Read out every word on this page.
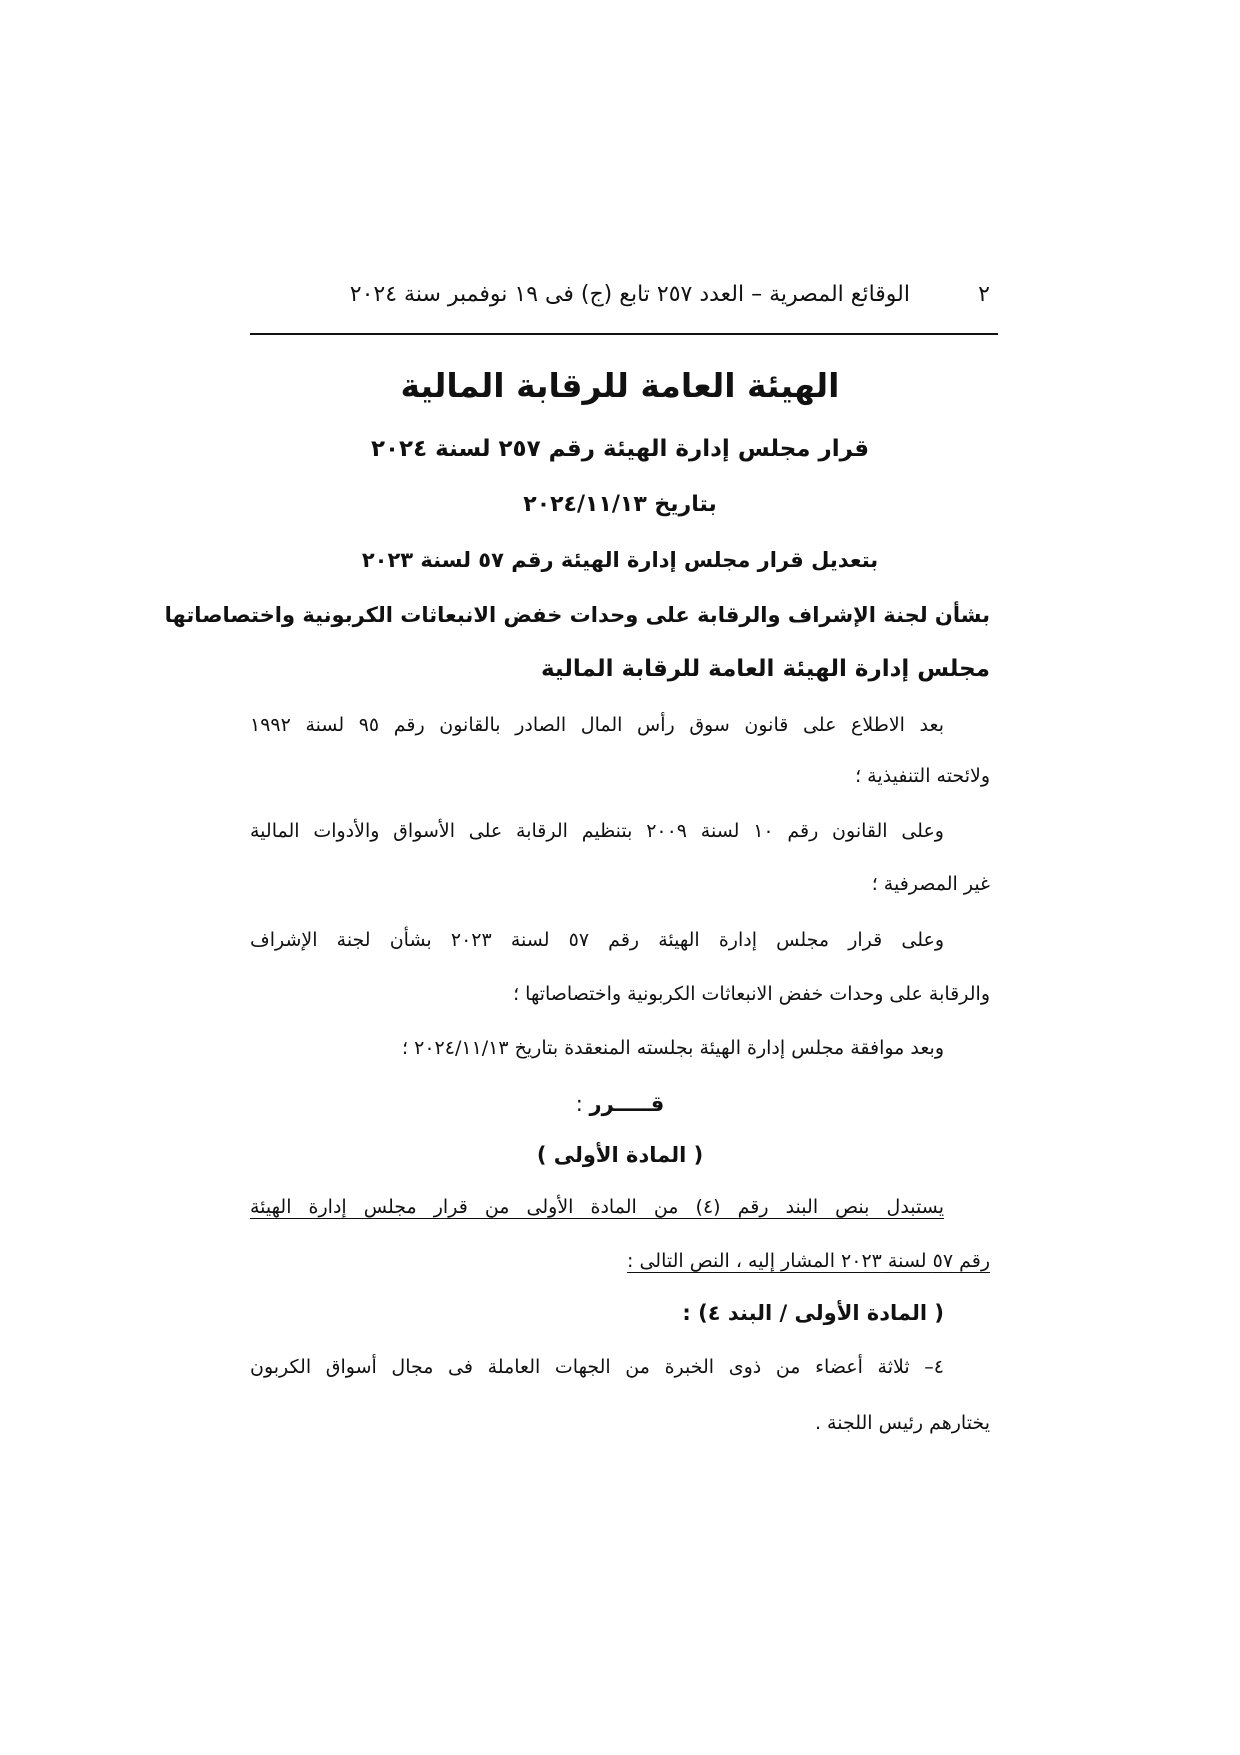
٢
الوقائع المصرية – العدد ٢٥٧ تابع (ج) فى ١٩ نوفمبر سنة ٢٠٢٤
الهيئة العامة للرقابة المالية
قرار مجلس إدارة الهيئة رقم ٢٥٧ لسنة ٢٠٢٤
بتاريخ ٢٠٢٤/١١/١٣
بتعديل قرار مجلس إدارة الهيئة رقم ٥٧ لسنة ٢٠٢٣
بشأن لجنة الإشراف والرقابة على وحدات خفض الانبعاثات الكربونية واختصاصاتها
مجلس إدارة الهيئة العامة للرقابة المالية
بعد الاطلاع على قانون سوق رأس المال الصادر بالقانون رقم ٩٥ لسنة ١٩٩٢
ولائحته التنفيذية ؛
وعلى القانون رقم ١٠ لسنة ٢٠٠٩ بتنظيم الرقابة على الأسواق والأدوات المالية
غير المصرفية ؛
وعلى قرار مجلس إدارة الهيئة رقم ٥٧ لسنة ٢٠٢٣ بشأن لجنة الإشراف
والرقابة على وحدات خفض الانبعاثات الكربونية واختصاصاتها ؛
وبعد موافقة مجلس إدارة الهيئة بجلسته المنعقدة بتاريخ ٢٠٢٤/١١/١٣ ؛
قـــــرر :
( المادة الأولى )
يستبدل بنص البند رقم (٤) من المادة الأولى من قرار مجلس إدارة الهيئة
رقم ٥٧ لسنة ٢٠٢٣ المشار إليه ، النص التالى :
( المادة الأولى / البند ٤) :
٤– ثلاثة أعضاء من ذوى الخبرة من الجهات العاملة فى مجال أسواق الكربون
يختارهم رئيس اللجنة .
